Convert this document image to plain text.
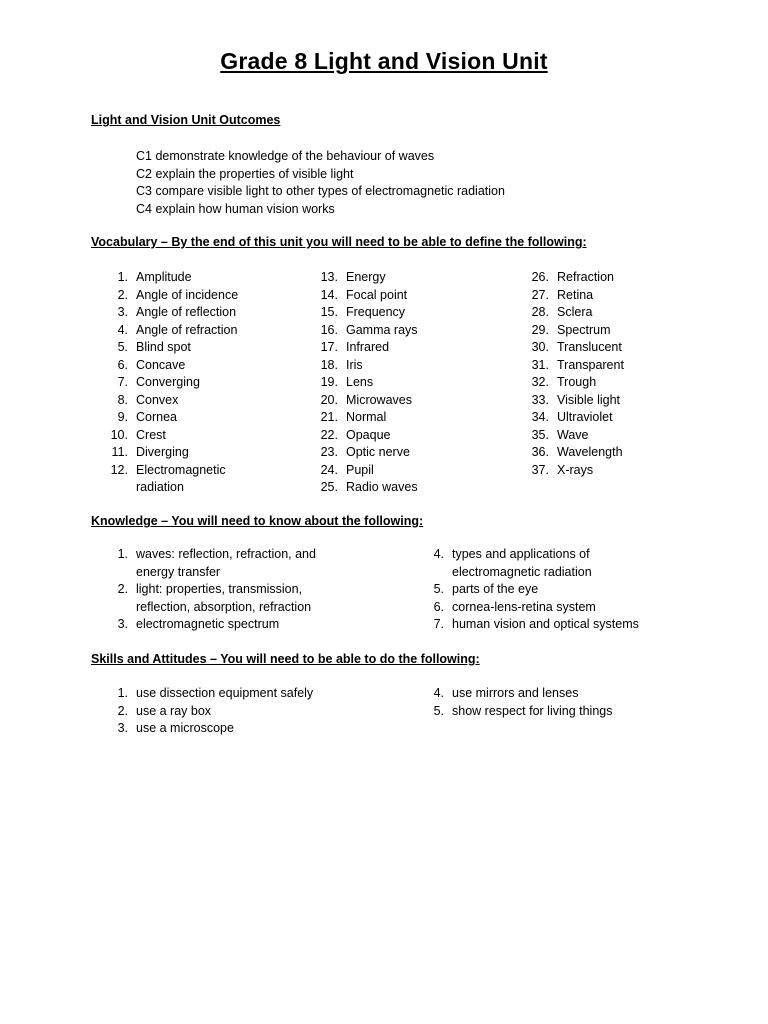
Grade 8 Light and Vision Unit
Light and Vision Unit Outcomes
C1 demonstrate knowledge of the behaviour of waves
C2 explain the properties of visible light
C3 compare visible light to other types of electromagnetic radiation
C4 explain how human vision works
Vocabulary – By the end of this unit you will need to be able to define the following:
1. Amplitude
2. Angle of incidence
3. Angle of reflection
4. Angle of refraction
5. Blind spot
6. Concave
7. Converging
8. Convex
9. Cornea
10. Crest
11. Diverging
12. Electromagnetic
radiation
13. Energy
14. Focal point
15. Frequency
16. Gamma rays
17. Infrared
18. Iris
19. Lens
20. Microwaves
21. Normal
22. Opaque
23. Optic nerve
24. Pupil
25. Radio waves
26. Refraction
27. Retina
28. Sclera
29. Spectrum
30. Translucent
31. Transparent
32. Trough
33. Visible light
34. Ultraviolet
35. Wave
36. Wavelength
37. X-rays
Knowledge – You will need to know about the following:
1. waves: reflection, refraction, and
energy transfer
2. light: properties, transmission,
reflection, absorption, refraction
3. electromagnetic spectrum
4. types and applications of
electromagnetic radiation
5. parts of the eye
6. cornea-lens-retina system
7. human vision and optical systems
Skills and Attitudes – You will need to be able to do the following:
1. use dissection equipment safely
2. use a ray box
3. use a microscope
4. use mirrors and lenses
5. show respect for living things
